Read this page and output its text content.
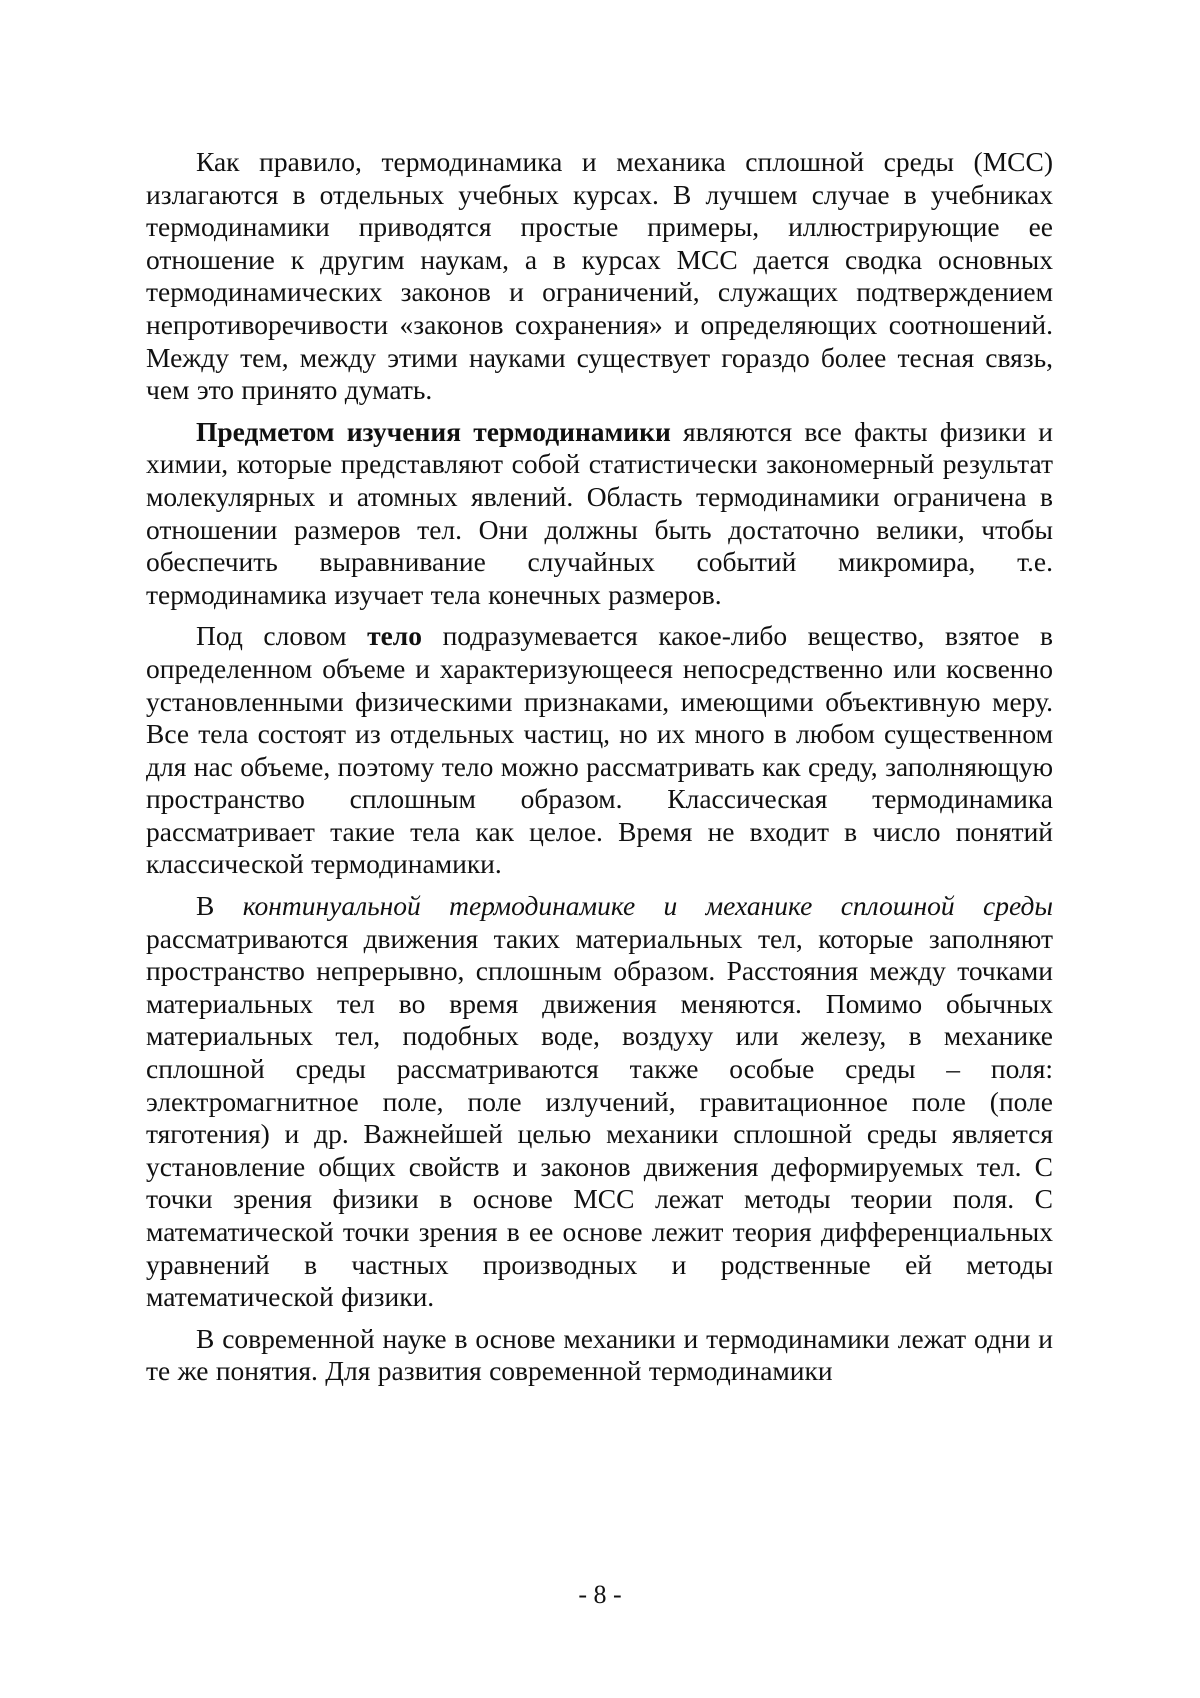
Как правило, термодинамика и механика сплошной среды (МСС) излагаются в отдельных учебных курсах. В лучшем случае в учебниках термодинамики приводятся простые примеры, иллюстрирующие ее отношение к другим наукам, а в курсах МСС дается сводка основных термодинамических законов и ограничений, служащих подтверждением непротиворечивости «законов сохранения» и определяющих соотношений. Между тем, между этими науками существует гораздо более тесная связь, чем это принято думать.

Предметом изучения термодинамики являются все факты физики и химии, которые представляют собой статистически закономерный результат молекулярных и атомных явлений. Область термодинамики ограничена в отношении размеров тел. Они должны быть достаточно велики, чтобы обеспечить выравнивание случайных событий микромира, т.е. термодинамика изучает тела конечных размеров.

Под словом тело подразумевается какое-либо вещество, взятое в определенном объеме и характеризующееся непосредственно или косвенно установленными физическими признаками, имеющими объективную меру. Все тела состоят из отдельных частиц, но их много в любом существенном для нас объеме, поэтому тело можно рассматривать как среду, заполняющую пространство сплошным образом. Классическая термодинамика рассматривает такие тела как целое. Время не входит в число понятий классической термодинамики.

В континуальной термодинамике и механике сплошной среды рассматриваются движения таких материальных тел, которые заполняют пространство непрерывно, сплошным образом. Расстояния между точками материальных тел во время движения меняются. Помимо обычных материальных тел, подобных воде, воздуху или железу, в механике сплошной среды рассматриваются также особые среды – поля: электромагнитное поле, поле излучений, гравитационное поле (поле тяготения) и др. Важнейшей целью механики сплошной среды является установление общих свойств и законов движения деформируемых тел. С точки зрения физики в основе МСС лежат методы теории поля. С математической точки зрения в ее основе лежит теория дифференциальных уравнений в частных производных и родственные ей методы математической физики.

В современной науке в основе механики и термодинамики лежат одни и те же понятия. Для развития современной термодинамики

- 8 -
